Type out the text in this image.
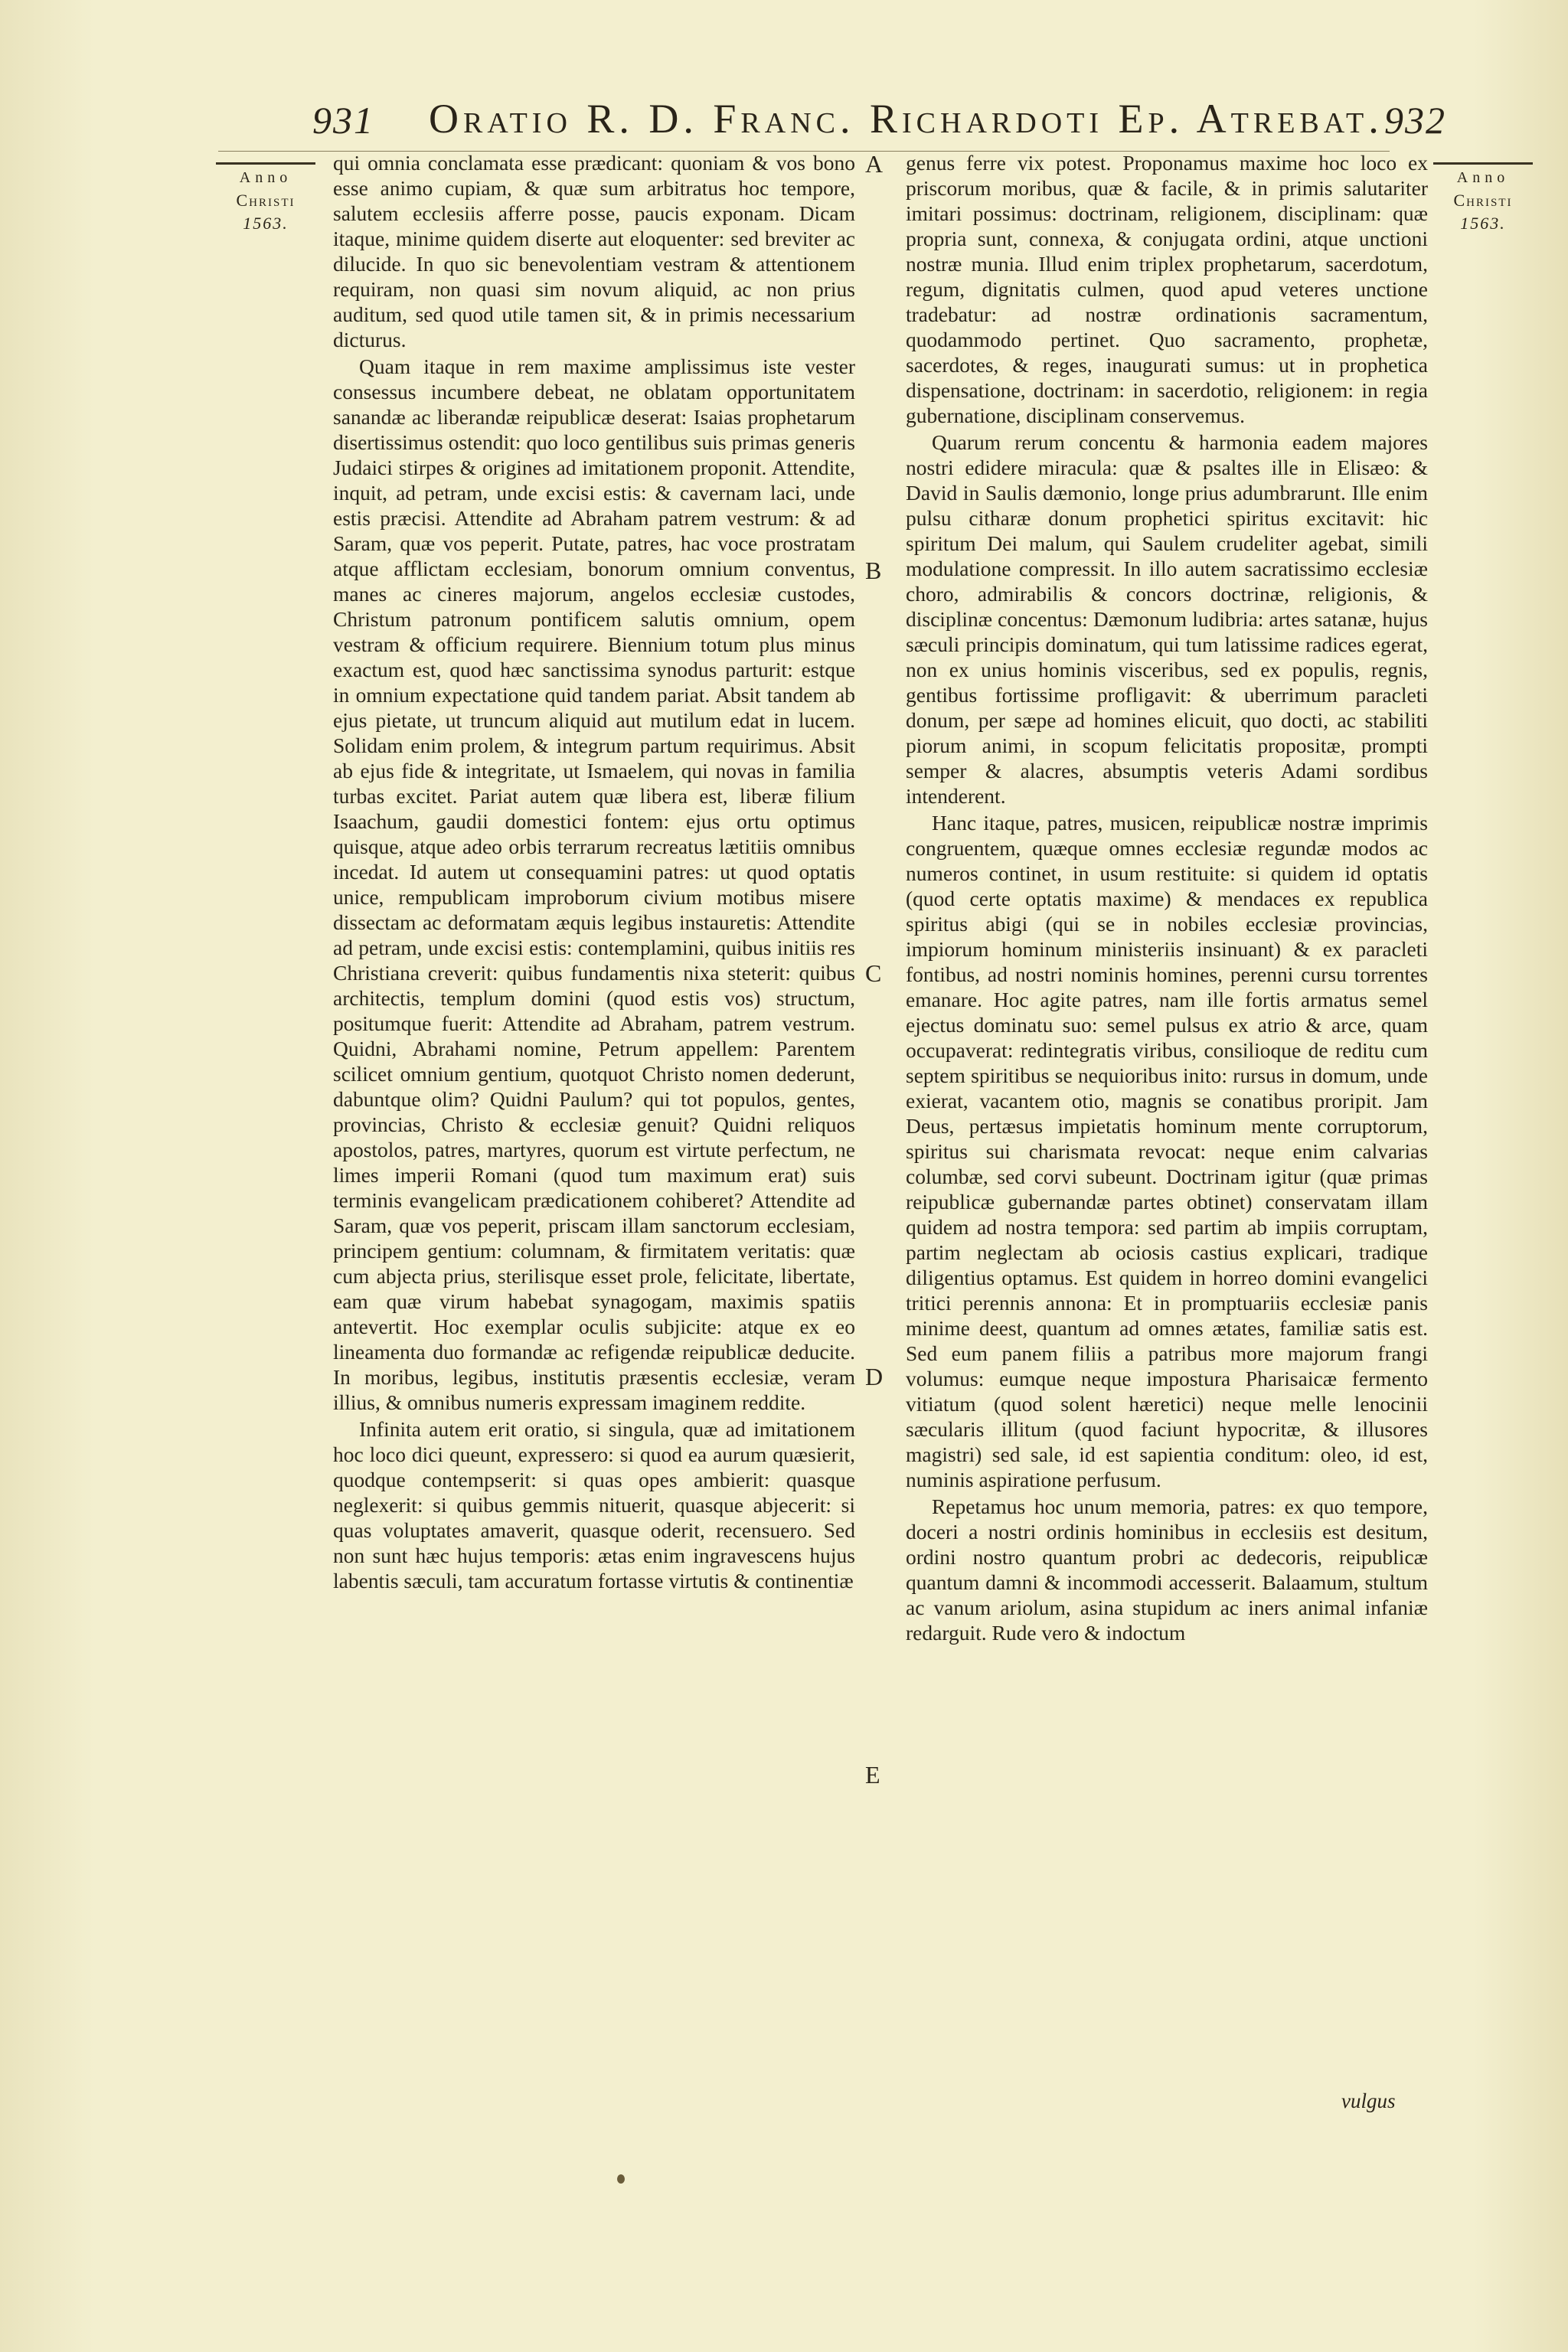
931 Oratio R. D. Franc. Richardoti Ep. Atrebat. 932
Anno
Christi
1563.
Anno
Christi
1563.

qui omnia conclamata esse prædicant: quoniam & vos bono esse animo cupiam, & quæ sum arbitratus hoc tempore, salutem ecclesiis afferre posse, paucis exponam. Dicam itaque, minime quidem diserte aut eloquenter: sed breviter ac dilucide. In quo sic benevolentiam vestram & attentionem requiram, non quasi sim novum aliquid, ac non prius auditum, sed quod utile tamen sit, & in primis necessarium dicturus.

Quam itaque in rem maxime amplissimus iste vester consessus incumbere debeat, ne oblatam opportunitatem sanandæ ac liberandæ reipublicæ deserat: Isaias prophetarum disertissimus ostendit: quo loco gentilibus suis primas generis Judaici stirpes & origines ad imitationem proponit. Attendite, inquit, ad petram, unde excisi estis: & cavernam laci, unde estis præcisi. Attendite ad Abraham patrem vestrum: & ad Saram, quæ vos peperit. Putate, patres, hac voce prostratam atque afflictam ecclesiam, bonorum omnium conventus, manes ac cineres majorum, angelos ecclesiæ custodes, Christum patronum pontificem salutis omnium, opem vestram & officium requirere. Biennium totum plus minus exactum est, quod hæc sanctissima synodus parturit: estque in omnium expectatione quid tandem pariat. Absit tandem ab ejus pietate, ut truncum aliquid aut mutilum edat in lucem. Solidam enim prolem, & integrum partum requirimus. Absit ab ejus fide & integritate, ut Ismaelem, qui novas in familia turbas excitet. Pariat autem quæ libera est, liberæ filium Isaachum, gaudii domestici fontem: ejus ortu optimus quisque, atque adeo orbis terrarum recreatus lætitiis omnibus incedat. Id autem ut consequamini patres: ut quod optatis unice, rempublicam improborum civium motibus misere dissectam ac deformatam æquis legibus instauretis: Attendite ad petram, unde excisi estis: contemplamini, quibus initiis res Christiana creverit: quibus fundamentis nixa steterit: quibus architectis, templum domini (quod estis vos) structum, positumque fuerit: Attendite ad Abraham, patrem vestrum. Quidni, Abrahami nomine, Petrum appellem: Parentem scilicet omnium gentium, quotquot Christo nomen dederunt, dabuntque olim? Quidni Paulum? qui tot populos, gentes, provincias, Christo & ecclesiæ genuit? Quidni reliquos apostolos, patres, martyres, quorum est virtute perfectum, ne limes imperii Romani (quod tum maximum erat) suis terminis evangelicam prædicationem cohiberet? Attendite ad Saram, quæ vos peperit, priscam illam sanctorum ecclesiam, principem gentium: columnam, & firmitatem veritatis: quæ cum abjecta prius, sterilisque esset prole, felicitate, libertate, eam quæ virum habebat synagogam, maximis spatiis antevertit. Hoc exemplar oculis subjicite: atque ex eo lineamenta duo formandæ ac refigendæ reipublicæ deducite. In moribus, legibus, institutis præsentis ecclesiæ, veram illius, & omnibus numeris expressam imaginem reddite.

Infinita autem erit oratio, si singula, quæ ad imitationem hoc loco dici queunt, expressero: si quod ea aurum quæsierit, quodque contempserit: si quas opes ambierit: quasque neglexerit: si quibus gemmis nituerit, quasque abjecerit: si quas voluptates amaverit, quasque oderit, recensuero. Sed non sunt hæc hujus temporis: ætas enim ingravescens hujus labentis sæculi, tam accuratum fortasse virtutis & continentiæ

A
B
C
D
E

genus ferre vix potest. Proponamus maxime hoc loco ex priscorum moribus, quæ & facile, & in primis salutariter imitari possimus: doctrinam, religionem, disciplinam: quæ propria sunt, connexa, & conjugata ordini, atque unctioni nostræ munia. Illud enim triplex prophetarum, sacerdotum, regum, dignitatis culmen, quod apud veteres unctione tradebatur: ad nostræ ordinationis sacramentum, quodammodo pertinet. Quo sacramento, prophetæ, sacerdotes, & reges, inaugurati sumus: ut in prophetica dispensatione, doctrinam: in sacerdotio, religionem: in regia gubernatione, disciplinam conservemus.

Quarum rerum concentu & harmonia eadem majores nostri edidere miracula: quæ & psaltes ille in Elisæo: & David in Saulis dæmonio, longe prius adumbrarunt. Ille enim pulsu citharæ donum prophetici spiritus excitavit: hic spiritum Dei malum, qui Saulem crudeliter agebat, simili modulatione compressit. In illo autem sacratissimo ecclesiæ choro, admirabilis & concors doctrinæ, religionis, & disciplinæ concentus: Dæmonum ludibria: artes satanæ, hujus sæculi principis dominatum, qui tum latissime radices egerat, non ex unius hominis visceribus, sed ex populis, regnis, gentibus fortissime profligavit: & uberrimum paracleti donum, per sæpe ad homines elicuit, quo docti, ac stabiliti piorum animi, in scopum felicitatis propositæ, prompti semper & alacres, absumptis veteris Adami sordibus intenderent.

Hanc itaque, patres, musicen, reipublicæ nostræ imprimis congruentem, quæque omnes ecclesiæ regundæ modos ac numeros continet, in usum restituite: si quidem id optatis (quod certe optatis maxime) & mendaces ex republica spiritus abigi (qui se in nobiles ecclesiæ provincias, impiorum hominum ministeriis insinuant) & ex paracleti fontibus, ad nostri nominis homines, perenni cursu torrentes emanare. Hoc agite patres, nam ille fortis armatus semel ejectus dominatu suo: semel pulsus ex atrio & arce, quam occupaverat: redintegratis viribus, consilioque de reditu cum septem spiritibus se nequioribus inito: rursus in domum, unde exierat, vacantem otio, magnis se conatibus proripit. Jam Deus, pertæsus impietatis hominum mente corruptorum, spiritus sui charismata revocat: neque enim calvarias columbæ, sed corvi subeunt. Doctrinam igitur (quæ primas reipublicæ gubernandæ partes obtinet) conservatam illam quidem ad nostra tempora: sed partim ab impiis corruptam, partim neglectam ab ociosis castius explicari, tradique diligentius optamus. Est quidem in horreo domini evangelici tritici perennis annona: Et in promptuariis ecclesiæ panis minime deest, quantum ad omnes ætates, familiæ satis est. Sed eum panem filiis a patribus more majorum frangi volumus: eumque neque impostura Pharisaicæ fermento vitiatum (quod solent hæretici) neque melle lenocinii sæcularis illitum (quod faciunt hypocritæ, & illusores magistri) sed sale, id est sapientia conditum: oleo, id est, numinis aspiratione perfusum.

Repetamus hoc unum memoria, patres: ex quo tempore, doceri a nostri ordinis hominibus in ecclesiis est desitum, ordini nostro quantum probri ac dedecoris, reipublicæ quantum damni & incommodi accesserit. Balaamum, stultum ac vanum ariolum, asina stupidum ac iners animal infaniæ redarguit. Rude vero & indoctum

vulgus
